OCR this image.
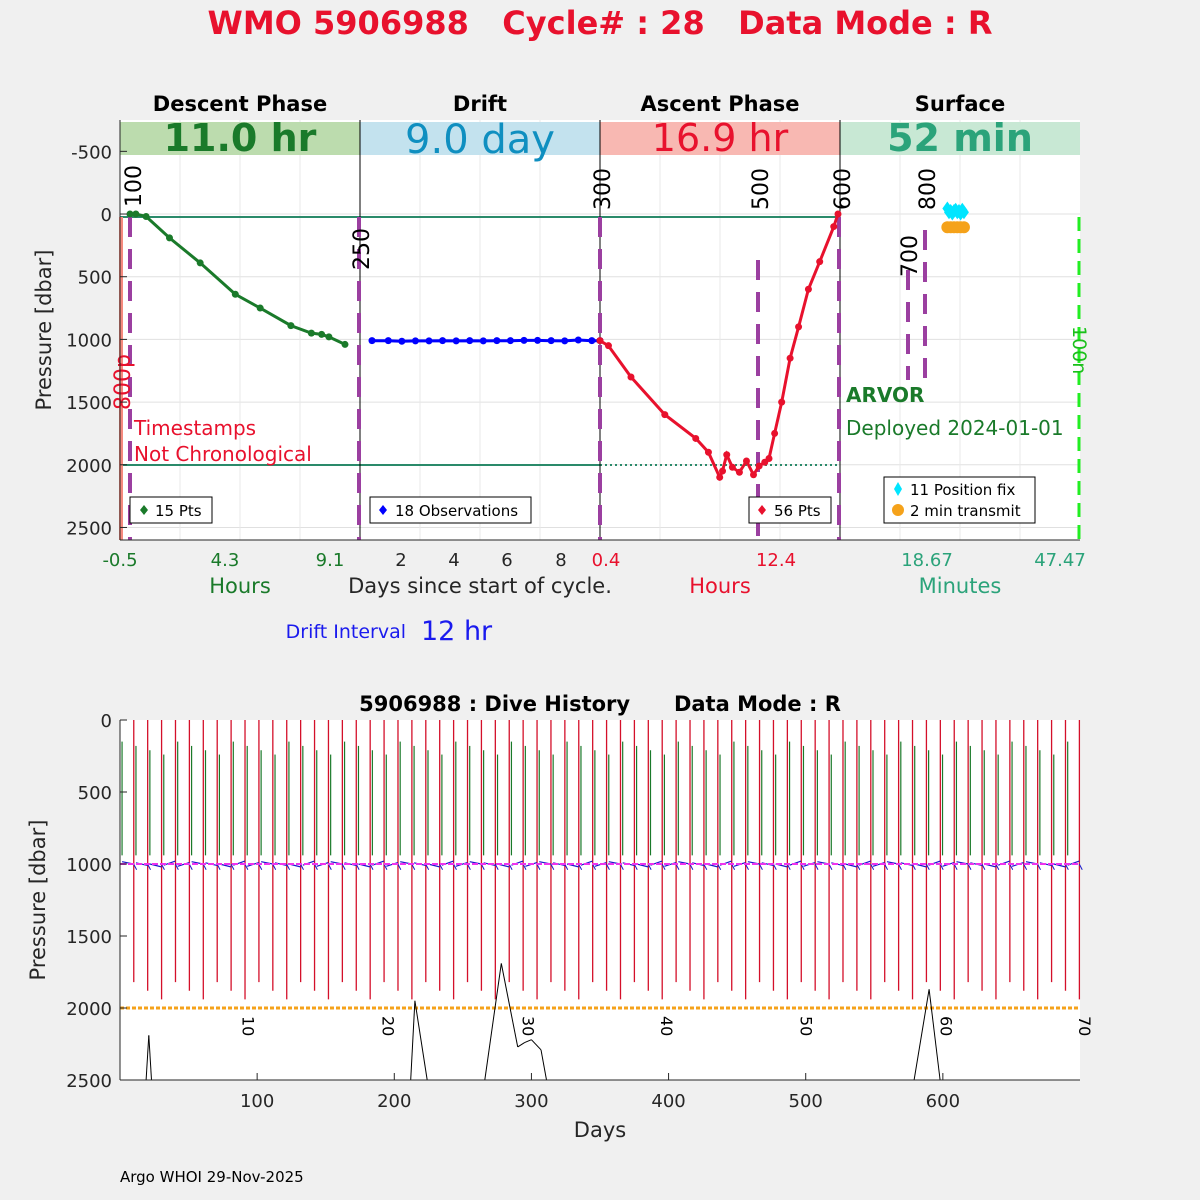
WMO 5906988   Cycle# : 28   Data Mode : R
Descent Phase	Drift	Ascent Phase	Surface
11.0 hr 9.0 day	16.9 hr	52 min
100
250
300	500	600
700
800
800p
100n
Timestamps
Not Chronological
ARVOR
Deployed 2024-01-01
15 Pts	18 Observations	56 Pts
11 Position fix
2 min transmit
-500
0
500
1000
1500
2000
2500
Pressure [dbar]
-0.5	4.3	9.1	2 4 6 8 0.4	12.4	18.67	47.47
Hours	Days since start of cycle.	Hours	Minutes
Drift Interval 12 hr
5906988 : Dive History      Data Mode : R
10	20	30	40	50	60	70
0
500
1000
1500
2000
2500
100	200	300	400	500	600
Days
Pressure [dbar]
Argo WHOI 29-Nov-2025
